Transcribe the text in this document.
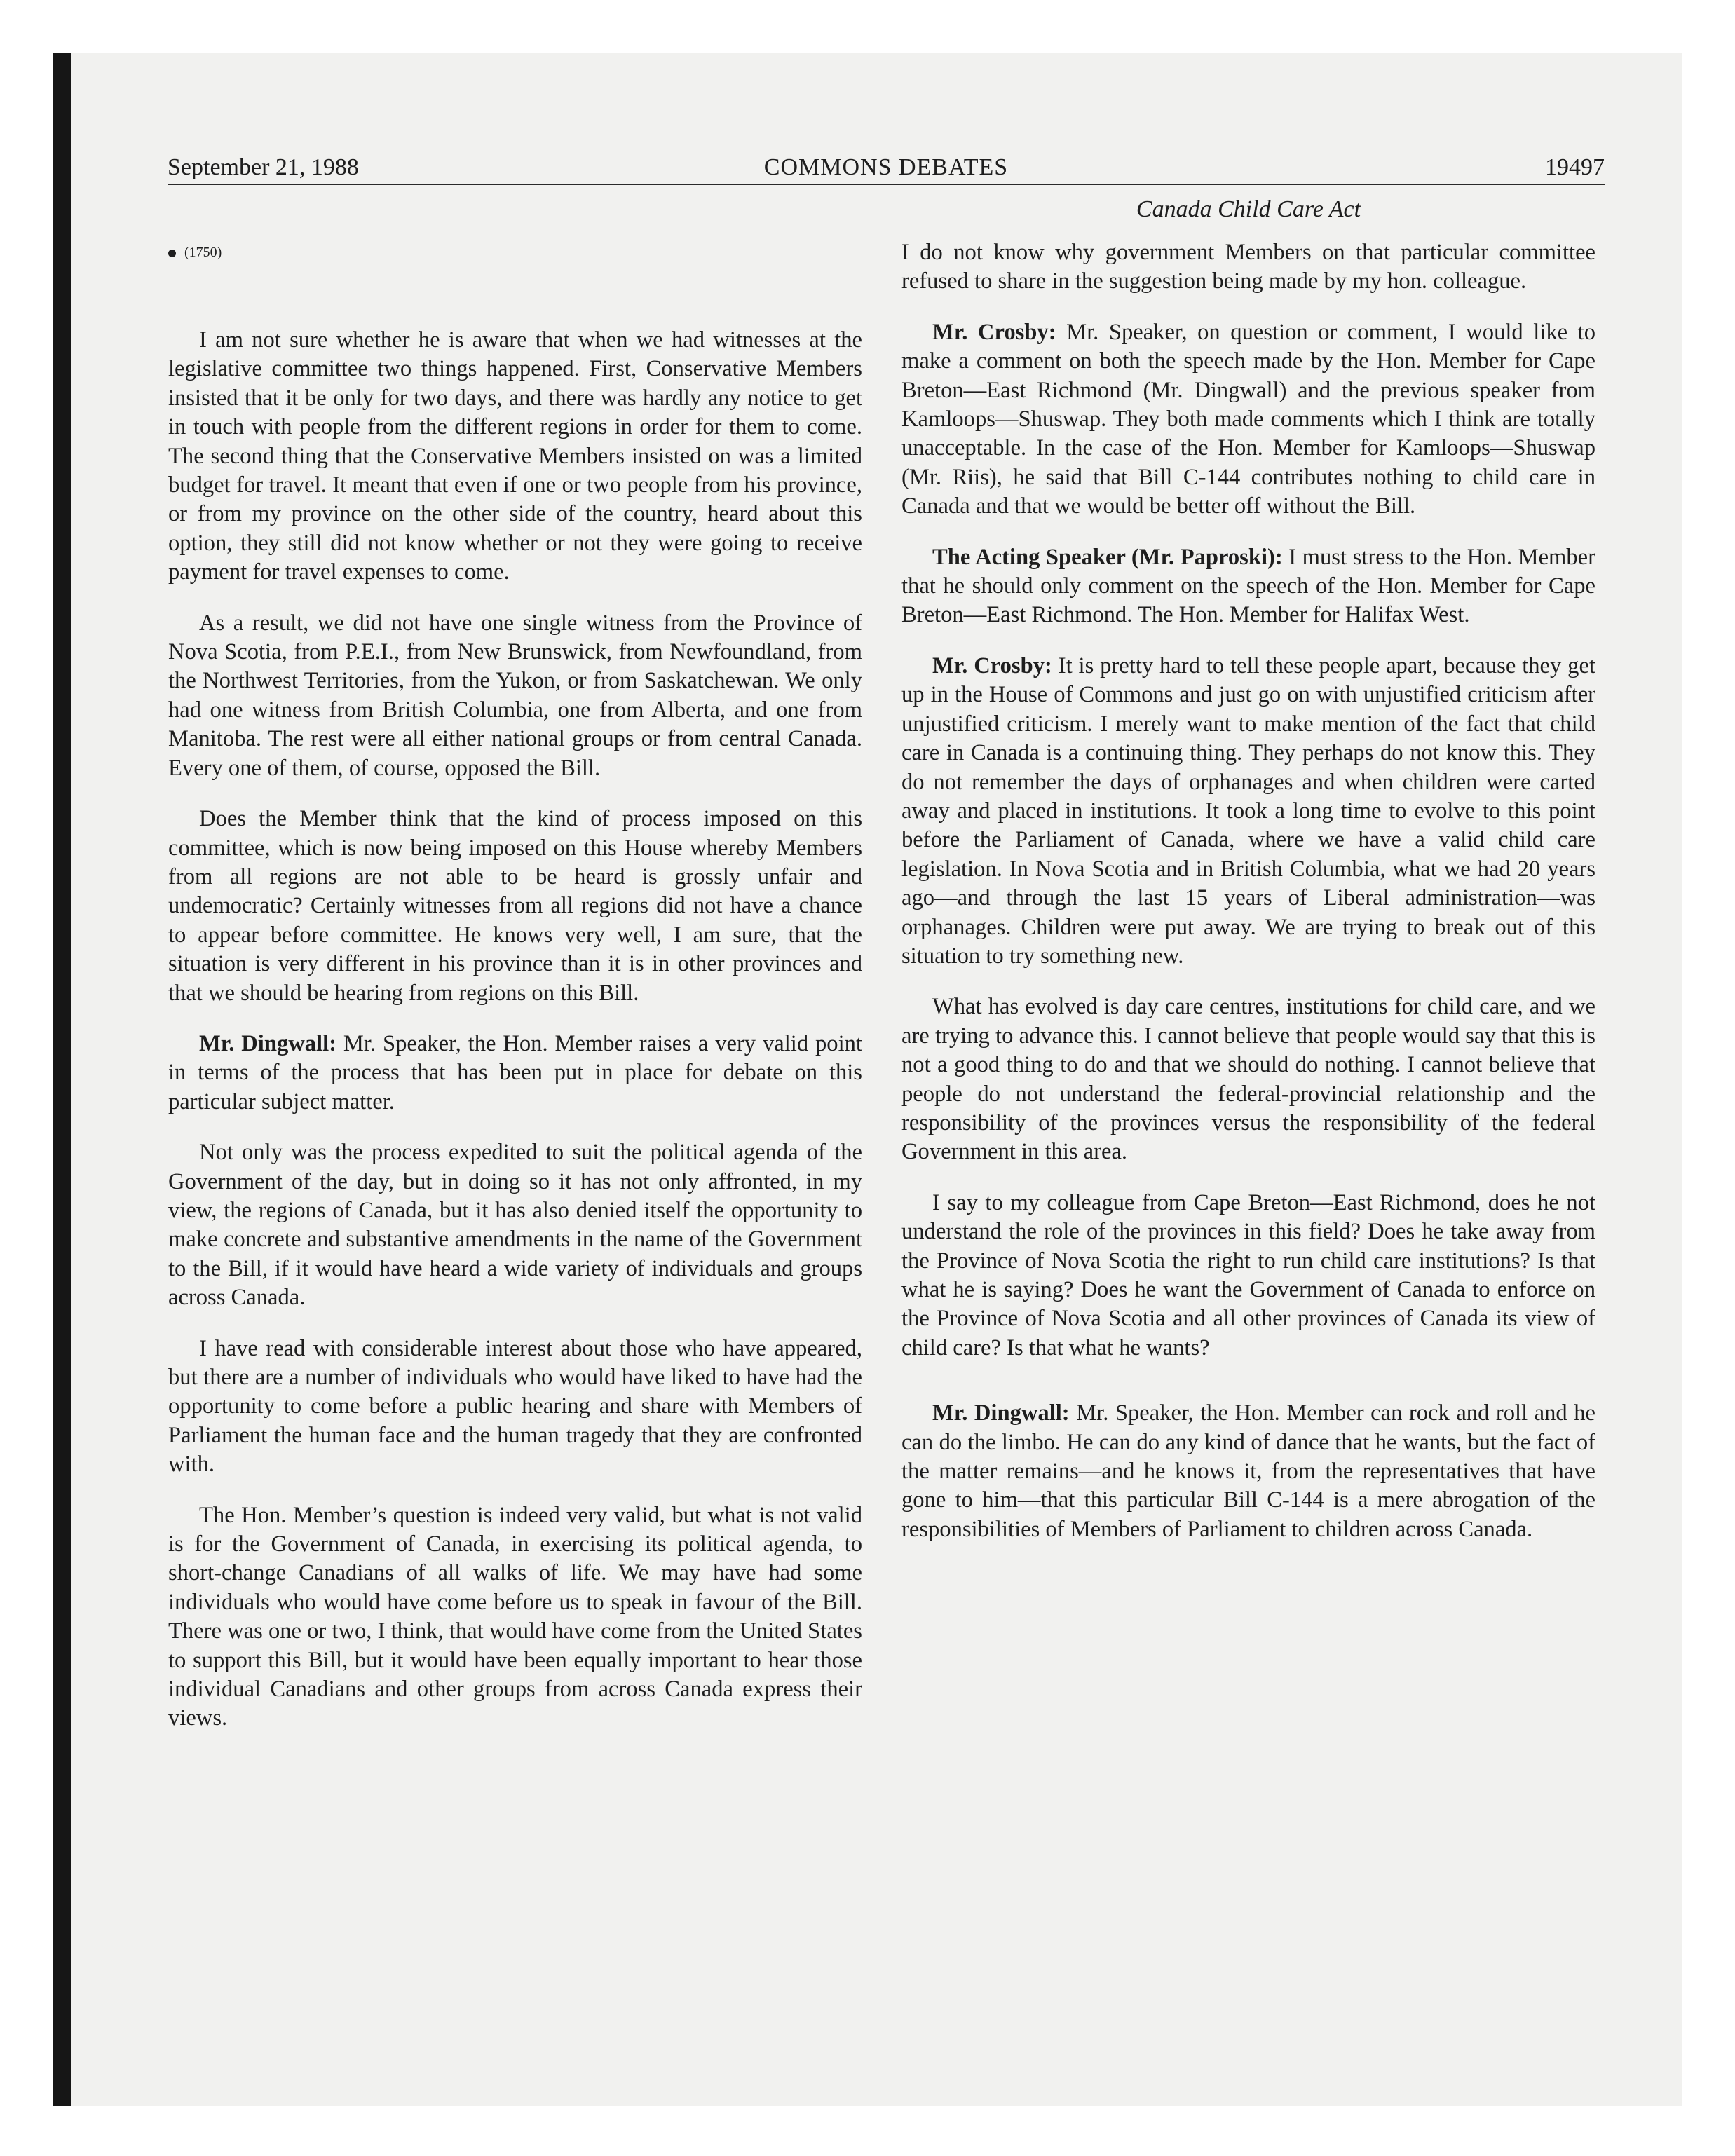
September 21, 1988	COMMONS DEBATES	19497
Canada Child Care Act
(1750)

I am not sure whether he is aware that when we had witnesses at the legislative committee two things happened. First, Conservative Members insisted that it be only for two days, and there was hardly any notice to get in touch with people from the different regions in order for them to come. The second thing that the Conservative Members insisted on was a limited budget for travel. It meant that even if one or two people from his province, or from my province on the other side of the country, heard about this option, they still did not know whether or not they were going to receive payment for travel expenses to come.

As a result, we did not have one single witness from the Province of Nova Scotia, from P.E.I., from New Brunswick, from Newfoundland, from the Northwest Territories, from the Yukon, or from Saskatchewan. We only had one witness from British Columbia, one from Alberta, and one from Manitoba. The rest were all either national groups or from central Canada. Every one of them, of course, opposed the Bill.

Does the Member think that the kind of process imposed on this committee, which is now being imposed on this House whereby Members from all regions are not able to be heard is grossly unfair and undemocratic? Certainly witnesses from all regions did not have a chance to appear before committee. He knows very well, I am sure, that the situation is very different in his province than it is in other provinces and that we should be hearing from regions on this Bill.

Mr. Dingwall: Mr. Speaker, the Hon. Member raises a very valid point in terms of the process that has been put in place for debate on this particular subject matter.

Not only was the process expedited to suit the political agenda of the Government of the day, but in doing so it has not only affronted, in my view, the regions of Canada, but it has also denied itself the opportunity to make concrete and substantive amendments in the name of the Government to the Bill, if it would have heard a wide variety of individuals and groups across Canada.

I have read with considerable interest about those who have appeared, but there are a number of individuals who would have liked to have had the opportunity to come before a public hearing and share with Members of Parliament the human face and the human tragedy that they are confronted with.

The Hon. Member’s question is indeed very valid, but what is not valid is for the Government of Canada, in exercising its political agenda, to short-change Canadians of all walks of life. We may have had some individuals who would have come before us to speak in favour of the Bill. There was one or two, I think, that would have come from the United States to support this Bill, but it would have been equally important to hear those individual Canadians and other groups from across Canada express their views.

I do not know why government Members on that particular committee refused to share in the suggestion being made by my hon. colleague.

Mr. Crosby: Mr. Speaker, on question or comment, I would like to make a comment on both the speech made by the Hon. Member for Cape Breton—East Richmond (Mr. Dingwall) and the previous speaker from Kamloops—Shuswap. They both made comments which I think are totally unacceptable. In the case of the Hon. Member for Kamloops—Shuswap (Mr. Riis), he said that Bill C-144 contributes nothing to child care in Canada and that we would be better off without the Bill.

The Acting Speaker (Mr. Paproski): I must stress to the Hon. Member that he should only comment on the speech of the Hon. Member for Cape Breton—East Richmond. The Hon. Member for Halifax West.

Mr. Crosby: It is pretty hard to tell these people apart, because they get up in the House of Commons and just go on with unjustified criticism after unjustified criticism. I merely want to make mention of the fact that child care in Canada is a continuing thing. They perhaps do not know this. They do not remember the days of orphanages and when children were carted away and placed in institutions. It took a long time to evolve to this point before the Parliament of Canada, where we have a valid child care legislation. In Nova Scotia and in British Columbia, what we had 20 years ago—and through the last 15 years of Liberal administration—was orphanages. Children were put away. We are trying to break out of this situation to try something new.

What has evolved is day care centres, institutions for child care, and we are trying to advance this. I cannot believe that people would say that this is not a good thing to do and that we should do nothing. I cannot believe that people do not understand the federal-provincial relationship and the responsibility of the provinces versus the responsibility of the federal Government in this area.

I say to my colleague from Cape Breton—East Richmond, does he not understand the role of the provinces in this field? Does he take away from the Province of Nova Scotia the right to run child care institutions? Is that what he is saying? Does he want the Government of Canada to enforce on the Province of Nova Scotia and all other provinces of Canada its view of child care? Is that what he wants?

Mr. Dingwall: Mr. Speaker, the Hon. Member can rock and roll and he can do the limbo. He can do any kind of dance that he wants, but the fact of the matter remains—and he knows it, from the representatives that have gone to him—that this particular Bill C-144 is a mere abrogation of the responsibilities of Members of Parliament to children across Canada.
